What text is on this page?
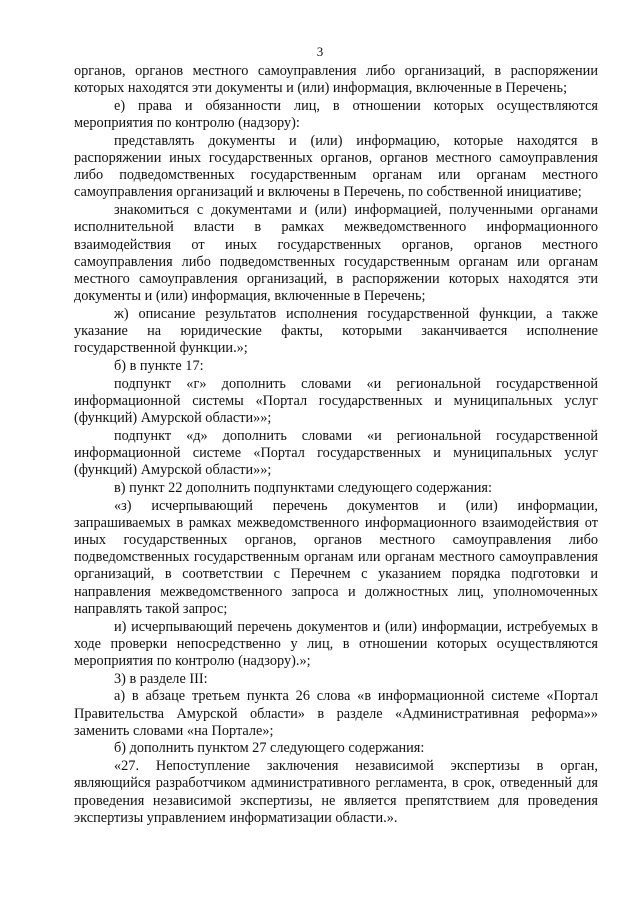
3

органов, органов местного самоуправления либо организаций, в распоряжении которых находятся эти документы и (или) информация, включенные в Перечень;

е) права и обязанности лиц, в отношении которых осуществляются мероприятия по контролю (надзору):

представлять документы и (или) информацию, которые находятся в распоряжении иных государственных органов, органов местного самоуправления либо подведомственных государственным органам или органам местного самоуправления организаций и включены в Перечень, по собственной инициативе;

знакомиться с документами и (или) информацией, полученными органами исполнительной власти в рамках межведомственного информационного взаимодействия от иных государственных органов, органов местного самоуправления либо подведомственных государственным органам или органам местного самоуправления организаций, в распоряжении которых находятся эти документы и (или) информация, включенные в Перечень;

ж) описание результатов исполнения государственной функции, а также указание на юридические факты, которыми заканчивается исполнение государственной функции.»;

б) в пункте 17:

подпункт «г» дополнить словами «и региональной государственной информационной системы «Портал государственных и муниципальных услуг (функций) Амурской области»»;

подпункт «д» дополнить словами «и региональной государственной информационной системе «Портал государственных и муниципальных услуг (функций) Амурской области»»;

в) пункт 22 дополнить подпунктами следующего содержания:

«з) исчерпывающий перечень документов и (или) информации, запрашиваемых в рамках межведомственного информационного взаимодействия от иных государственных органов, органов местного самоуправления либо подведомственных государственным органам или органам местного самоуправления организаций, в соответствии с Перечнем с указанием порядка подготовки и направления межведомственного запроса и должностных лиц, уполномоченных направлять такой запрос;

и) исчерпывающий перечень документов и (или) информации, истребуемых в ходе проверки непосредственно у лиц, в отношении которых осуществляются мероприятия по контролю (надзору).»;

3) в разделе III:

а) в абзаце третьем пункта 26 слова «в информационной системе «Портал Правительства Амурской области» в разделе «Административная реформа»» заменить словами «на Портале»;

б) дополнить пунктом 27 следующего содержания:

«27. Непоступление заключения независимой экспертизы в орган, являющийся разработчиком административного регламента, в срок, отведенный для проведения независимой экспертизы, не является препятствием для проведения экспертизы управлением информатизации области.».
